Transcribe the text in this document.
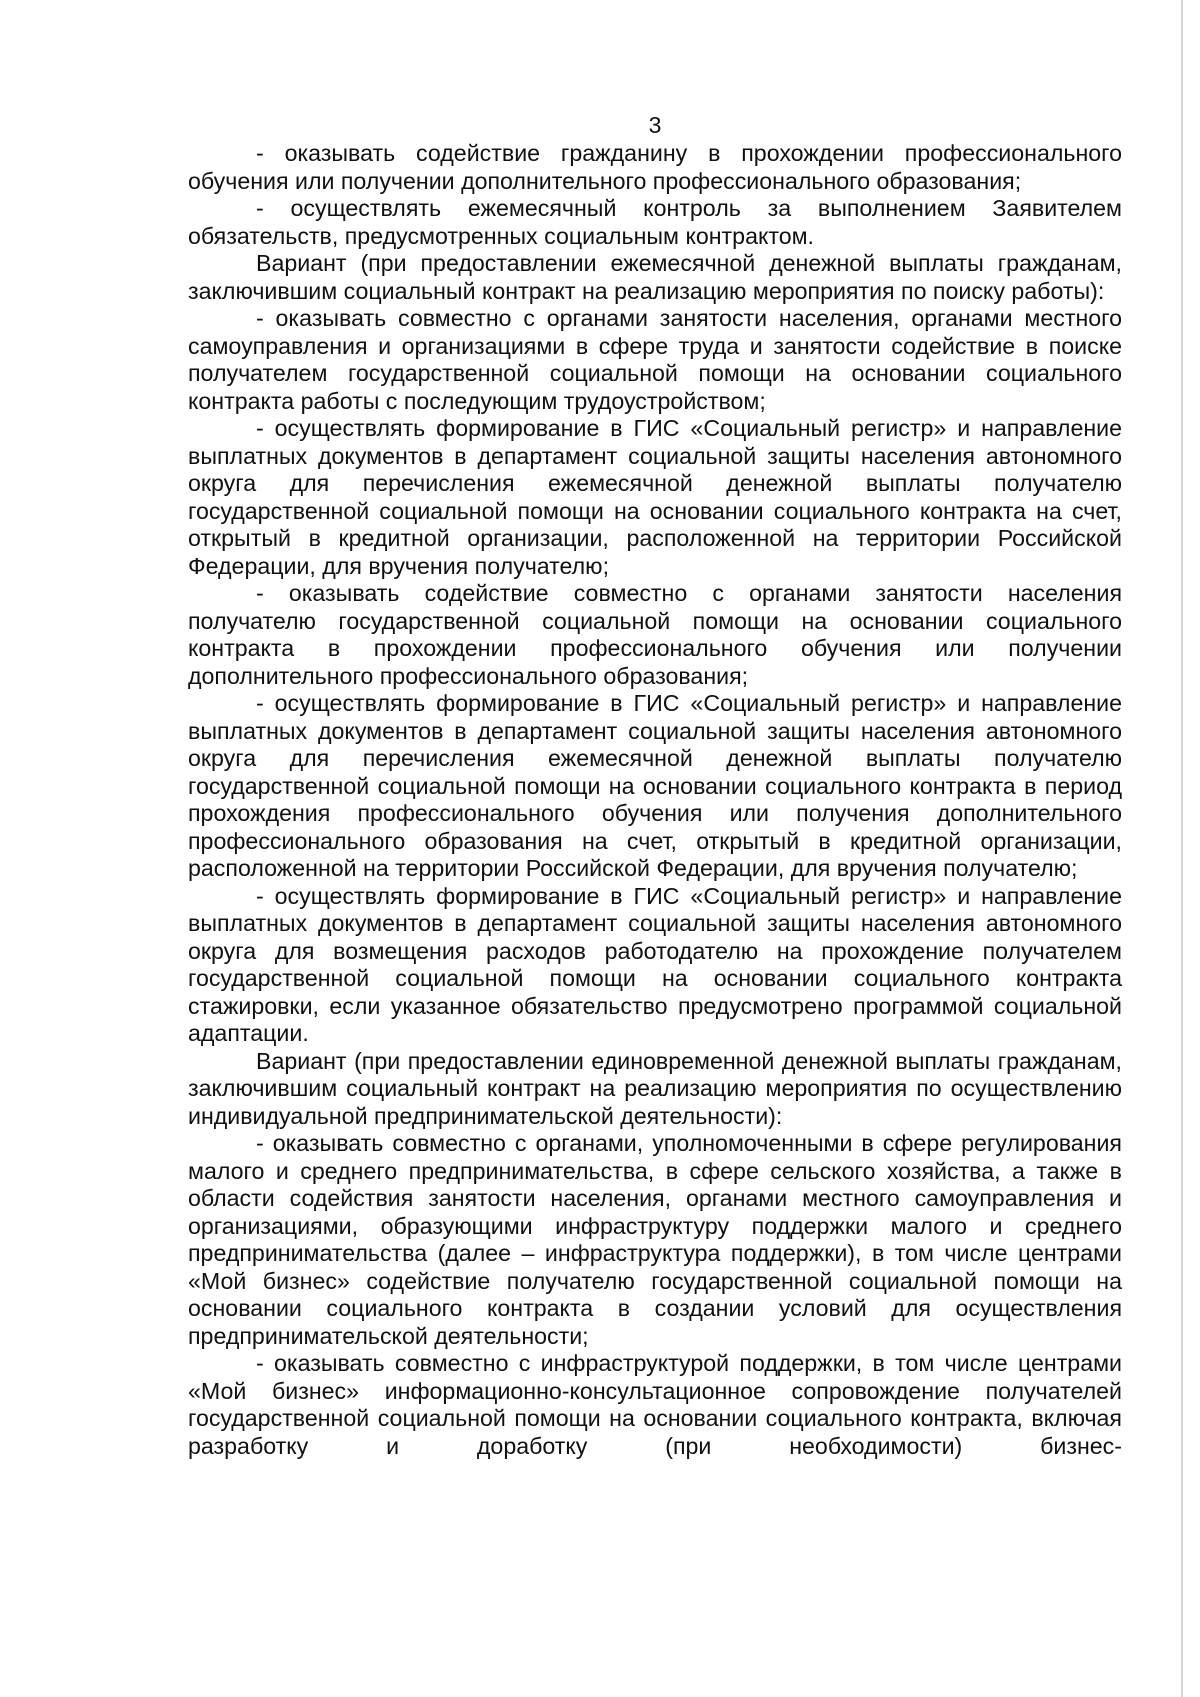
3

- оказывать содействие гражданину в прохождении профессионального обучения или получении дополнительного профессионального образования;

- осуществлять ежемесячный контроль за выполнением Заявителем обязательств, предусмотренных социальным контрактом.

Вариант (при предоставлении ежемесячной денежной выплаты гражданам, заключившим социальный контракт на реализацию мероприятия по поиску работы):

- оказывать совместно с органами занятости населения, органами местного самоуправления и организациями в сфере труда и занятости содействие в поиске получателем государственной социальной помощи на основании социального контракта работы с последующим трудоустройством;

- осуществлять формирование в ГИС «Социальный регистр» и направление выплатных документов в департамент социальной защиты населения автономного округа для перечисления ежемесячной денежной выплаты получателю государственной социальной помощи на основании социального контракта на счет, открытый в кредитной организации, расположенной на территории Российской Федерации, для вручения получателю;

- оказывать содействие совместно с органами занятости населения получателю государственной социальной помощи на основании социального контракта в прохождении профессионального обучения или получении дополнительного профессионального образования;

- осуществлять формирование в ГИС «Социальный регистр» и направление выплатных документов в департамент социальной защиты населения автономного округа для перечисления ежемесячной денежной выплаты получателю государственной социальной помощи на основании социального контракта в период прохождения профессионального обучения или получения дополнительного профессионального образования на счет, открытый в кредитной организации, расположенной на территории Российской Федерации, для вручения получателю;

- осуществлять формирование в ГИС «Социальный регистр» и направление выплатных документов в департамент социальной защиты населения автономного округа для возмещения расходов работодателю на прохождение получателем государственной социальной помощи на основании социального контракта стажировки, если указанное обязательство предусмотрено программой социальной адаптации.

Вариант (при предоставлении единовременной денежной выплаты гражданам, заключившим социальный контракт на реализацию мероприятия по осуществлению индивидуальной предпринимательской деятельности):

- оказывать совместно с органами, уполномоченными в сфере регулирования малого и среднего предпринимательства, в сфере сельского хозяйства, а также в области содействия занятости населения, органами местного самоуправления и организациями, образующими инфраструктуру поддержки малого и среднего предпринимательства (далее – инфраструктура поддержки), в том числе центрами «Мой бизнес» содействие получателю государственной социальной помощи на основании социального контракта в создании условий для осуществления предпринимательской деятельности;

- оказывать совместно с инфраструктурой поддержки, в том числе центрами «Мой бизнес» информационно-консультационное сопровождение получателей государственной социальной помощи на основании социального контракта, включая разработку и доработку (при необходимости) бизнес-
